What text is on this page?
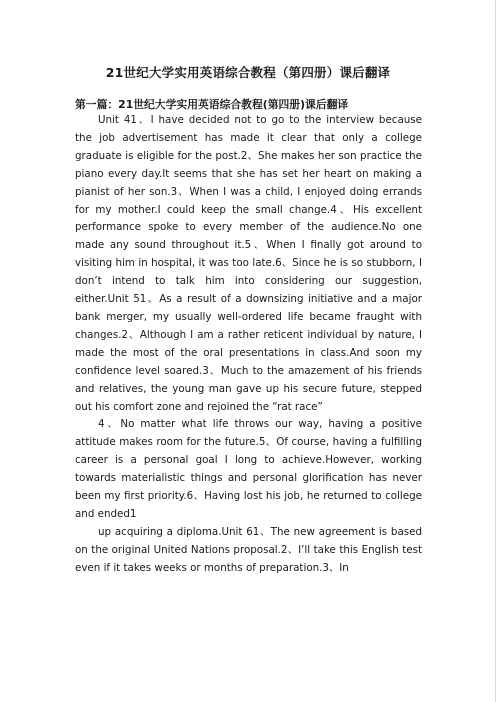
21世纪大学实用英语综合教程（第四册）课后翻译
第一篇：21世纪大学实用英语综合教程(第四册)课后翻译

Unit 41、I have decided not to go to the interview because the job advertisement has made it clear that only a college graduate is eligible for the post.2、She makes her son practice the piano every day.It seems that she has set her heart on making a pianist of her son.3、When I was a child, I enjoyed doing errands for my mother.I could keep the small change.4、His excellent performance spoke to every member of the audience.No one made any sound throughout it.5、When I finally got around to visiting him in hospital, it was too late.6、Since he is so stubborn, I don’t intend to talk him into considering our suggestion, either.Unit 51、As a result of a downsizing initiative and a major bank merger, my usually well-ordered life became fraught with changes.2、Although I am a rather reticent individual by nature, I made the most of the oral presentations in class.And soon my confidence level soared.3、Much to the amazement of his friends and relatives, the young man gave up his secure future, stepped out his comfort zone and rejoined the “rat race”

4、No matter what life throws our way, having a positive attitude makes room for the future.5、Of course, having a fulfilling career is a personal goal I long to achieve.However, working towards materialistic things and personal glorification has never been my first priority.6、Having lost his job, he returned to college and ended1

up acquiring a diploma.Unit 61、The new agreement is based on the original United Nations proposal.2、I’ll take this English test even if it takes weeks or months of preparation.3、In
